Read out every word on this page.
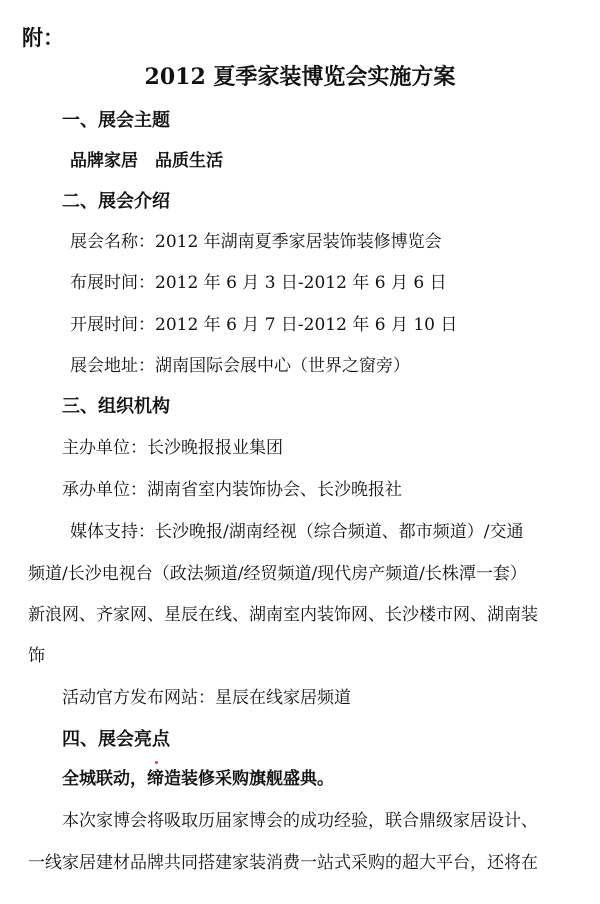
附：
2012 夏季家装博览会实施方案
一、展会主题
品牌家居　品质生活
二、展会介绍
展会名称：2012 年湖南夏季家居装饰装修博览会
布展时间：2012 年 6 月 3 日-2012 年 6 月 6 日
开展时间：2012 年 6 月 7 日-2012 年 6 月 10 日
展会地址：湖南国际会展中心（世界之窗旁）
三、组织机构
主办单位：长沙晚报报业集团
承办单位：湖南省室内装饰协会、长沙晚报社
媒体支持：长沙晚报/湖南经视（综合频道、都市频道）/交通
频道/长沙电视台（政法频道/经贸频道/现代房产频道/长株潭一套）
新浪网、齐家网、星辰在线、湖南室内装饰网、长沙楼市网、湖南装
饰
活动官方发布网站：星辰在线家居频道
四、展会亮点
全城联动，缔造装修采购旗舰盛典。
本次家博会将吸取历届家博会的成功经验，联合鼎级家居设计、
一线家居建材品牌共同搭建家装消费一站式采购的超大平台，还将在
